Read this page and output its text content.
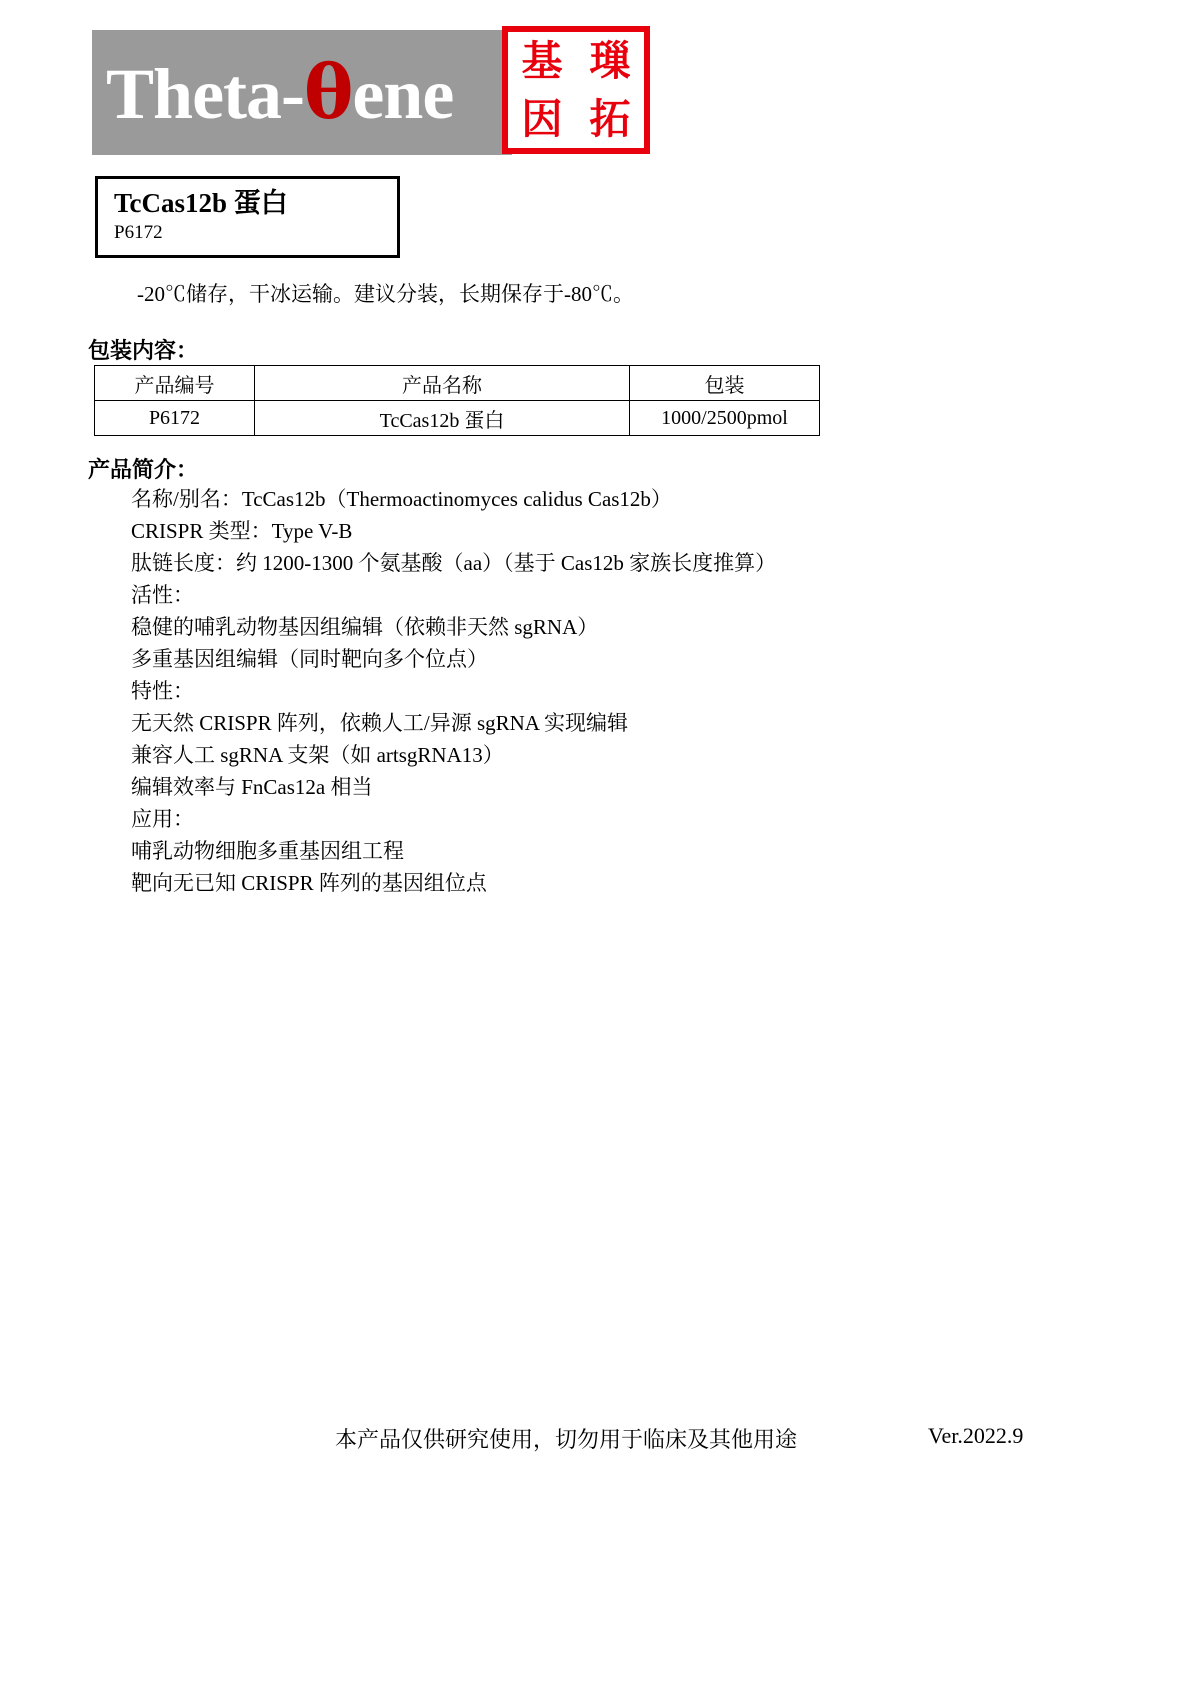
Theta-θene 基 璅
因 拓
TcCas12b 蛋白
P6172
-20℃储存，干冰运输。建议分装，长期保存于-80℃。
包装内容：
产品编号	产品名称	包装
P6172	TcCas12b 蛋白	1000/2500pmol
产品简介：
名称/别名：TcCas12b（Thermoactinomyces calidus Cas12b）
CRISPR 类型：Type V-B
肽链长度：约 1200-1300 个氨基酸（aa）（基于 Cas12b 家族长度推算）
活性：
稳健的哺乳动物基因组编辑（依赖非天然 sgRNA）
多重基因组编辑（同时靶向多个位点）
特性：
无天然 CRISPR 阵列，依赖人工/异源 sgRNA 实现编辑
兼容人工 sgRNA 支架（如 artsgRNA13）
编辑效率与 FnCas12a 相当
应用：
哺乳动物细胞多重基因组工程
靶向无已知 CRISPR 阵列的基因组位点
本产品仅供研究使用，切勿用于临床及其他用途	Ver.2022.9
